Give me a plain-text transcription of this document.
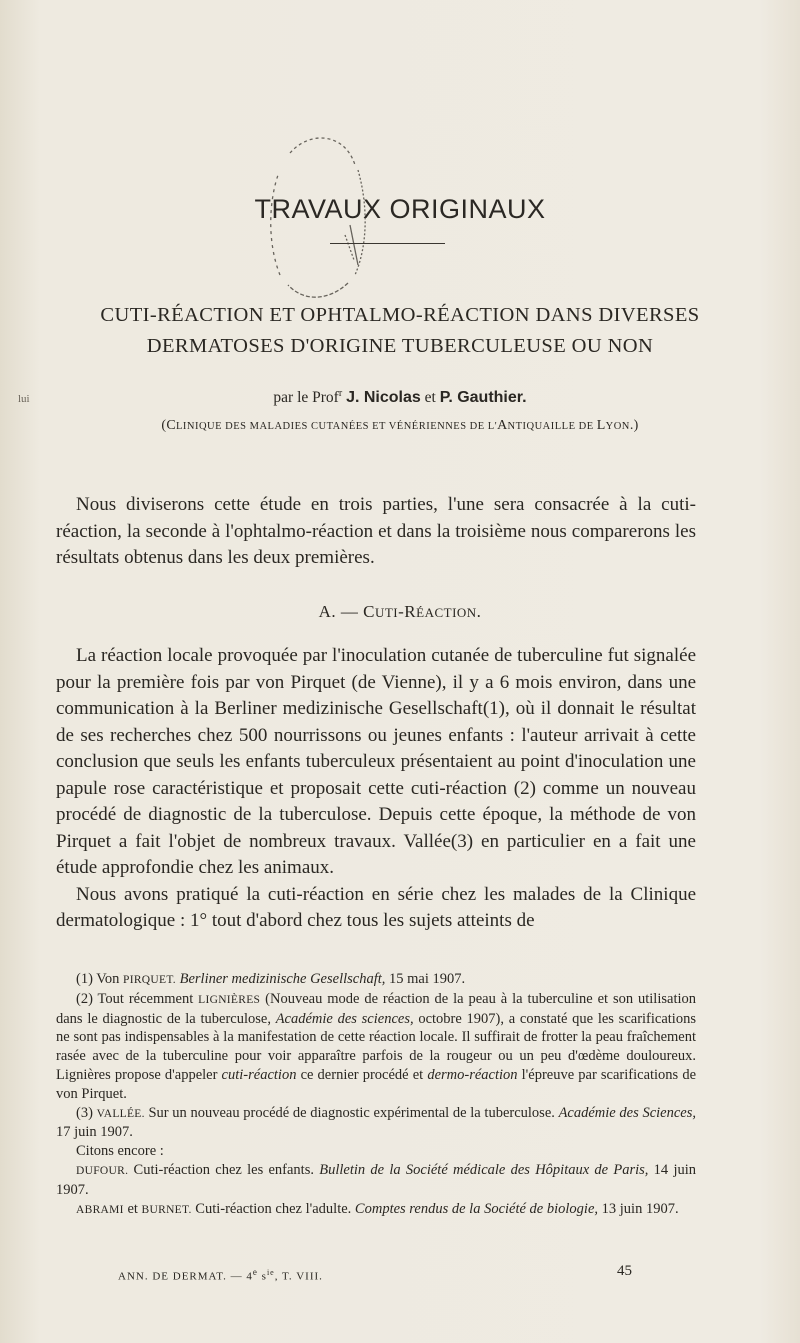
TRAVAUX ORIGINAUX
CUTI-RÉACTION ET OPHTALMO-RÉACTION DANS DIVERSES
DERMATOSES D'ORIGINE TUBERCULEUSE OU NON
par le Prof$^r$ J. Nicolas et P. Gauthier.
(CLINIQUE DES MALADIES CUTANÉES ET VÉNÉRIENNES DE L'ANTIQUAILLE DE LYON.)

Nous diviserons cette étude en trois parties, l'une sera consacrée à la cuti-réaction, la seconde à l'ophtalmo-réaction et dans la troisième nous comparerons les résultats obtenus dans les deux premières.

A. — CUTI-RÉACTION.

La réaction locale provoquée par l'inoculation cutanée de tuberculine fut signalée pour la première fois par von Pirquet (de Vienne), il y a 6 mois environ, dans une communication à la Berliner medizinische Gesellschaft(1), où il donnait le résultat de ses recherches chez 500 nourrissons ou jeunes enfants : l'auteur arrivait à cette conclusion que seuls les enfants tuberculeux présentaient au point d'inoculation une papule rose caractéristique et proposait cette cuti-réaction (2) comme un nouveau procédé de diagnostic de la tuberculose. Depuis cette époque, la méthode de von Pirquet a fait l'objet de nombreux travaux. Vallée(3) en particulier en a fait une étude approfondie chez les animaux.

Nous avons pratiqué la cuti-réaction en série chez les malades de la Clinique dermatologique : 1° tout d'abord chez tous les sujets atteints de

(1) Von PIRQUET. Berliner medizinische Gesellschaft, 15 mai 1907.

(2) Tout récemment LIGNIÈRES (Nouveau mode de réaction de la peau à la tuberculine et son utilisation dans le diagnostic de la tuberculose, Académie des sciences, octobre 1907), a constaté que les scarifications ne sont pas indispensables à la manifestation de cette réaction locale. Il suffirait de frotter la peau fraîchement rasée avec de la tuberculine pour voir apparaître parfois de la rougeur ou un peu d'œdème douloureux. Lignières propose d'appeler cuti-réaction ce dernier procédé et dermo-réaction l'épreuve par scarifications de von Pirquet.

(3) VALLÉE. Sur un nouveau procédé de diagnostic expérimental de la tuberculose. Académie des Sciences, 17 juin 1907.

Citons encore :

DUFOUR. Cuti-réaction chez les enfants. Bulletin de la Société médicale des Hôpitaux de Paris, 14 juin 1907.

ABRAMI et BURNET. Cuti-réaction chez l'adulte. Comptes rendus de la Société de biologie, 13 juin 1907.

ANN. DE DERMAT. — 4e $s^{ie}$, T. VIII.	45
lui
